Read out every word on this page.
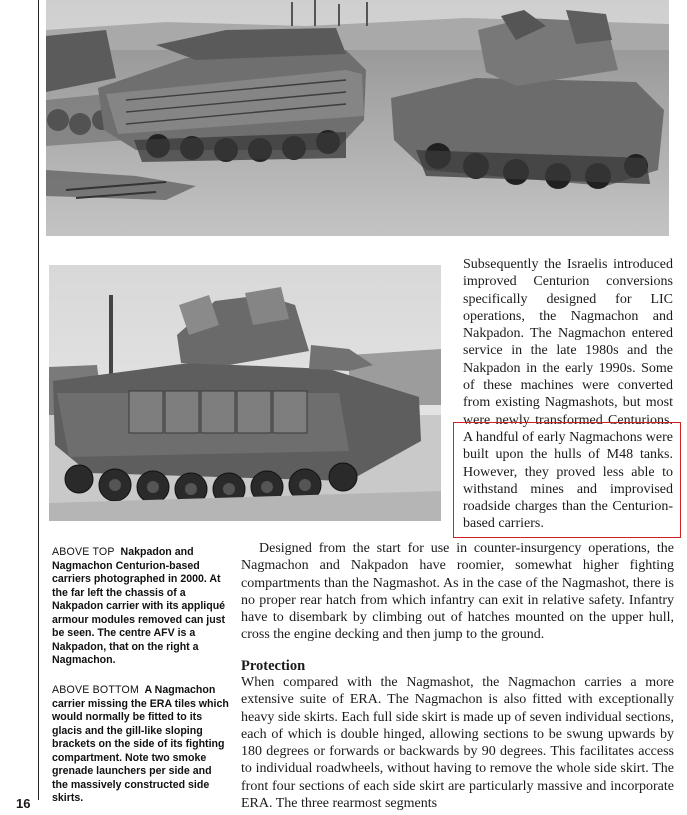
Subsequently the Israelis introduced improved Centurion conversions specifically designed for LIC operations, the Nagmachon and Nakpadon. The Nagmachon entered service in the late 1980s and the Nakpadon in the early 1990s. Some of these machines were converted from existing Nagmashots, but most were newly transformed Centurions. A handful of early Nagmachons were built upon the hulls of M48 tanks. However, they proved less able to withstand mines and improvised roadside charges than the Centurion-based carriers.

ABOVE TOP Nakpadon and Nagmachon Centurion-based carriers photographed in 2000. At the far left the chassis of a Nakpadon carrier with its appliqué armour modules removed can just be seen. The centre AFV is a Nakpadon, that on the right a Nagmachon.

ABOVE BOTTOM A Nagmachon carrier missing the ERA tiles which would normally be fitted to its glacis and the gill-like sloping brackets on the side of its fighting compartment. Note two smoke grenade launchers per side and the massively constructed side skirts.

Designed from the start for use in counter-insurgency operations, the Nagmachon and Nakpadon have roomier, somewhat higher fighting compartments than the Nagmashot. As in the case of the Nagmashot, there is no proper rear hatch from which infantry can exit in relative safety. Infantry have to disembark by climbing out of hatches mounted on the upper hull, cross the engine decking and then jump to the ground.

Protection

When compared with the Nagmashot, the Nagmachon carries a more extensive suite of ERA. The Nagmachon is also fitted with exceptionally heavy side skirts. Each full side skirt is made up of seven individual sections, each of which is double hinged, allowing sections to be swung upwards by 180 degrees or forwards or backwards by 90 degrees. This facilitates access to individual roadwheels, without having to remove the whole side skirt. The front four sections of each side skirt are particularly massive and incorporate ERA. The three rearmost segments

16
